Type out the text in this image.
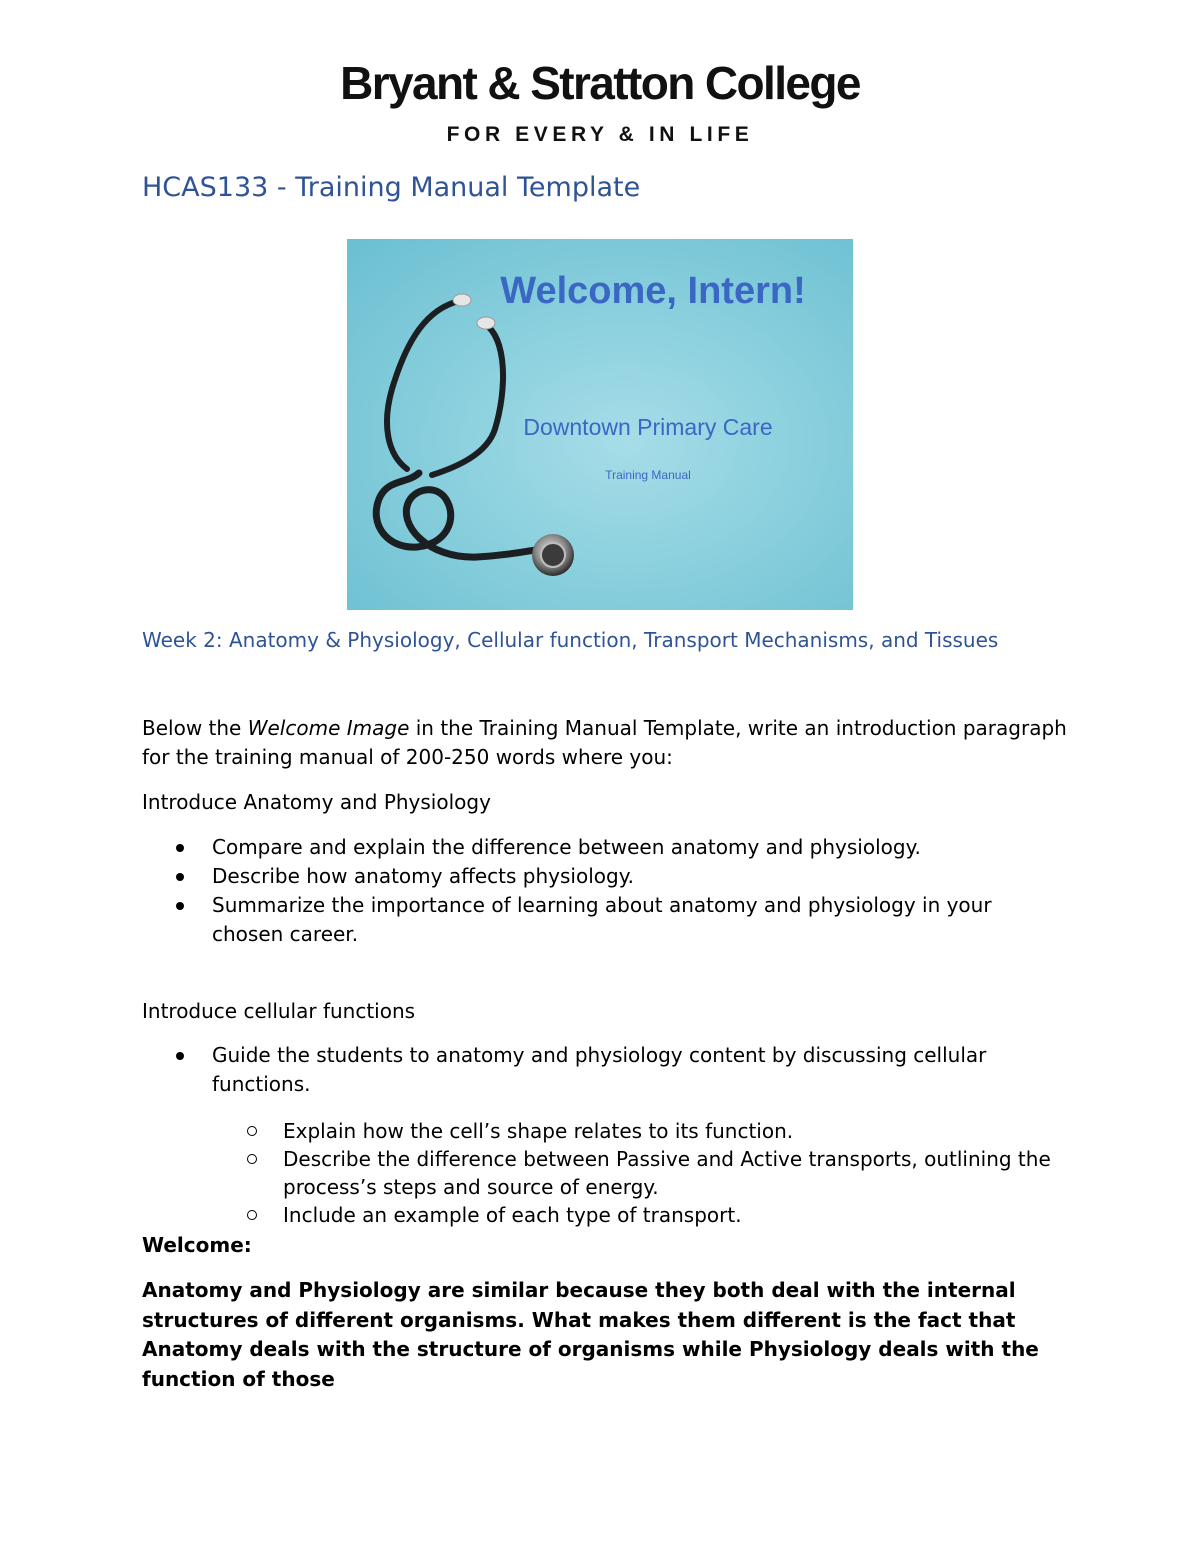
Bryant & Stratton College
FOR EVERY & IN LIFE
HCAS133 - Training Manual Template
Welcome, Intern!
Downtown Primary Care
Training Manual
Week 2: Anatomy & Physiology, Cellular function, Transport Mechanisms, and Tissues
Below the Welcome Image in the Training Manual Template, write an introduction paragraph for the training manual of 200-250 words where you:
Introduce Anatomy and Physiology
Compare and explain the difference between anatomy and physiology.
Describe how anatomy affects physiology.
Summarize the importance of learning about anatomy and physiology in your chosen career.
Introduce cellular functions
Guide the students to anatomy and physiology content by discussing cellular functions.
Explain how the cell’s shape relates to its function.
Describe the difference between Passive and Active transports, outlining the process’s steps and source of energy.
Include an example of each type of transport.
Welcome:
Anatomy and Physiology are similar because they both deal with the internal structures of different organisms. What makes them different is the fact that Anatomy deals with the structure of organisms while Physiology deals with the function of those
